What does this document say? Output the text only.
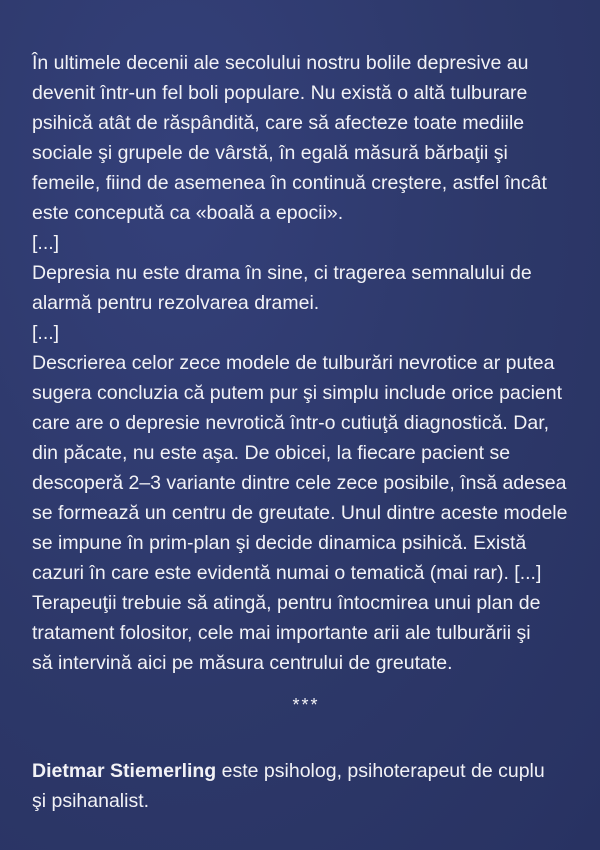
În ultimele decenii ale secolului nostru bolile depresive au
devenit într-un fel boli populare. Nu există o altă tulburare
psihică atât de răspândită, care să afecteze toate mediile
sociale şi grupele de vârstă, în egală măsură bărbaţii şi
femeile, fiind de asemenea în continuă creştere, astfel încât
este concepută ca «boală a epocii».
[...]
Depresia nu este drama în sine, ci tragerea semnalului de
alarmă pentru rezolvarea dramei.
[...]
Descrierea celor zece modele de tulburări nevrotice ar putea
sugera concluzia că putem pur şi simplu include orice pacient
care are o depresie nevrotică într-o cutiuţă diagnostică. Dar,
din păcate, nu este aşa. De obicei, la fiecare pacient se
descoperă 2–3 variante dintre cele zece posibile, însă adesea
se formează un centru de greutate. Unul dintre aceste modele
se impune în prim-plan şi decide dinamica psihică. Există
cazuri în care este evidentă numai o tematică (mai rar). [...]
Terapeuţii trebuie să atingă, pentru întocmirea unui plan de
tratament folositor, cele mai importante arii ale tulburării şi
să intervină aici pe măsura centrului de greutate.
***
Dietmar Stiemerling este psiholog, psihoterapeut de cuplu
şi psihanalist.
